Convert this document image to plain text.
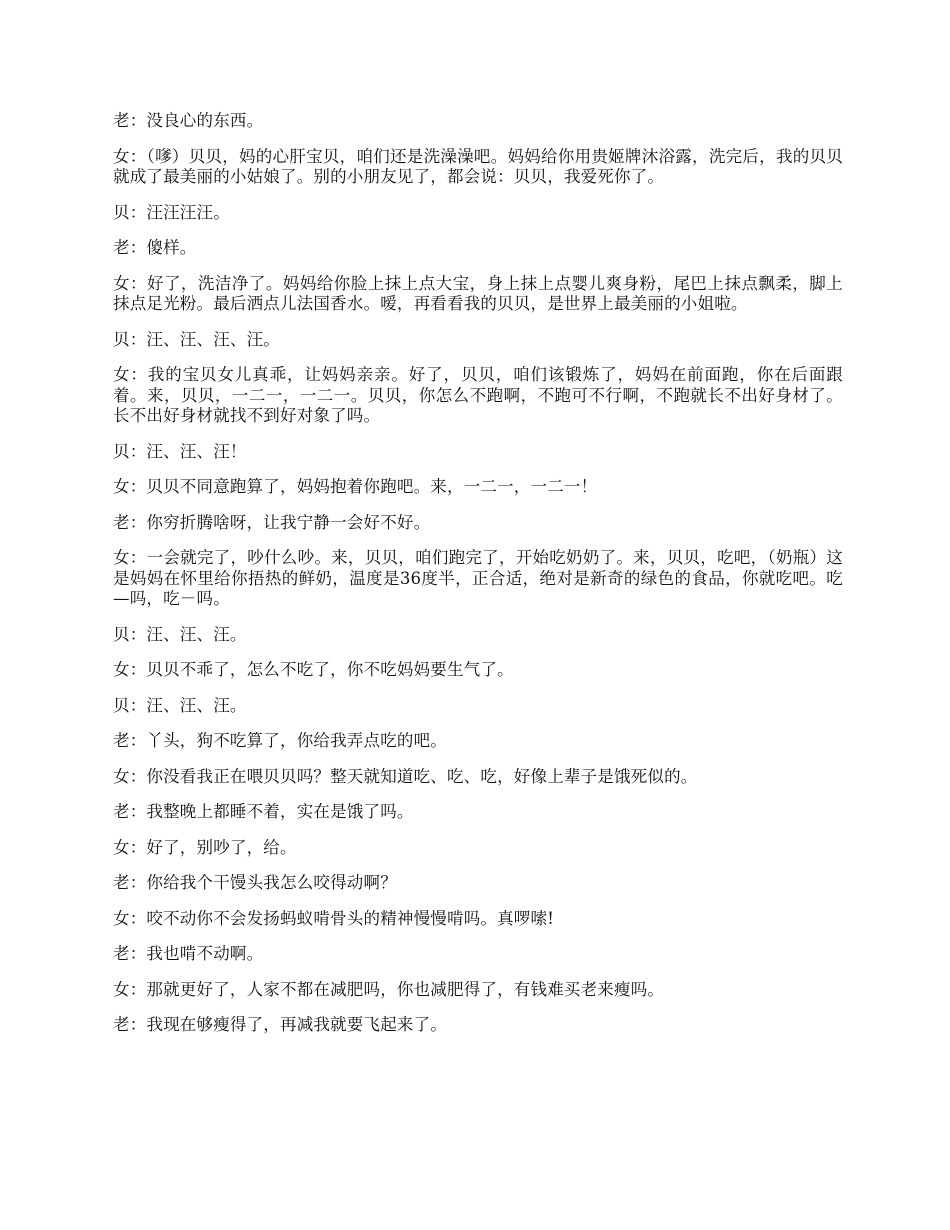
老：没良心的东西。

女：（嗲）贝贝，妈的心肝宝贝，咱们还是洗澡澡吧。妈妈给你用贵姬牌沐浴露，洗完后，我的贝贝就成了最美丽的小姑娘了。别的小朋友见了，都会说：贝贝，我爱死你了。

贝：汪汪汪汪。

老：傻样。

女：好了，洗洁净了。妈妈给你脸上抹上点大宝，身上抹上点婴儿爽身粉，尾巴上抹点飘柔，脚上抹点足光粉。最后洒点儿法国香水。嗳，再看看我的贝贝，是世界上最美丽的小姐啦。

贝：汪、汪、汪、汪。

女：我的宝贝女儿真乖，让妈妈亲亲。好了，贝贝，咱们该锻炼了，妈妈在前面跑，你在后面跟着。来，贝贝，一二一，一二一。贝贝，你怎么不跑啊，不跑可不行啊，不跑就长不出好身材了。长不出好身材就找不到好对象了吗。

贝：汪、汪、汪！

女：贝贝不同意跑算了，妈妈抱着你跑吧。来，一二一，一二一！

老：你穷折腾啥呀，让我宁静一会好不好。

女：一会就完了，吵什么吵。来，贝贝，咱们跑完了，开始吃奶奶了。来，贝贝，吃吧，（奶瓶）这是妈妈在怀里给你捂热的鲜奶，温度是36度半，正合适，绝对是新奇的绿色的食品，你就吃吧。吃—吗，吃－吗。

贝：汪、汪、汪。

女：贝贝不乖了，怎么不吃了，你不吃妈妈要生气了。

贝：汪、汪、汪。

老：丫头，狗不吃算了，你给我弄点吃的吧。

女：你没看我正在喂贝贝吗？整天就知道吃、吃、吃，好像上辈子是饿死似的。

老：我整晚上都睡不着，实在是饿了吗。

女：好了，别吵了，给。

老：你给我个干馒头我怎么咬得动啊？

女：咬不动你不会发扬蚂蚁啃骨头的精神慢慢啃吗。真啰嗦!

老：我也啃不动啊。

女：那就更好了，人家不都在减肥吗，你也减肥得了，有钱难买老来瘦吗。

老：我现在够瘦得了，再减我就要飞起来了。
